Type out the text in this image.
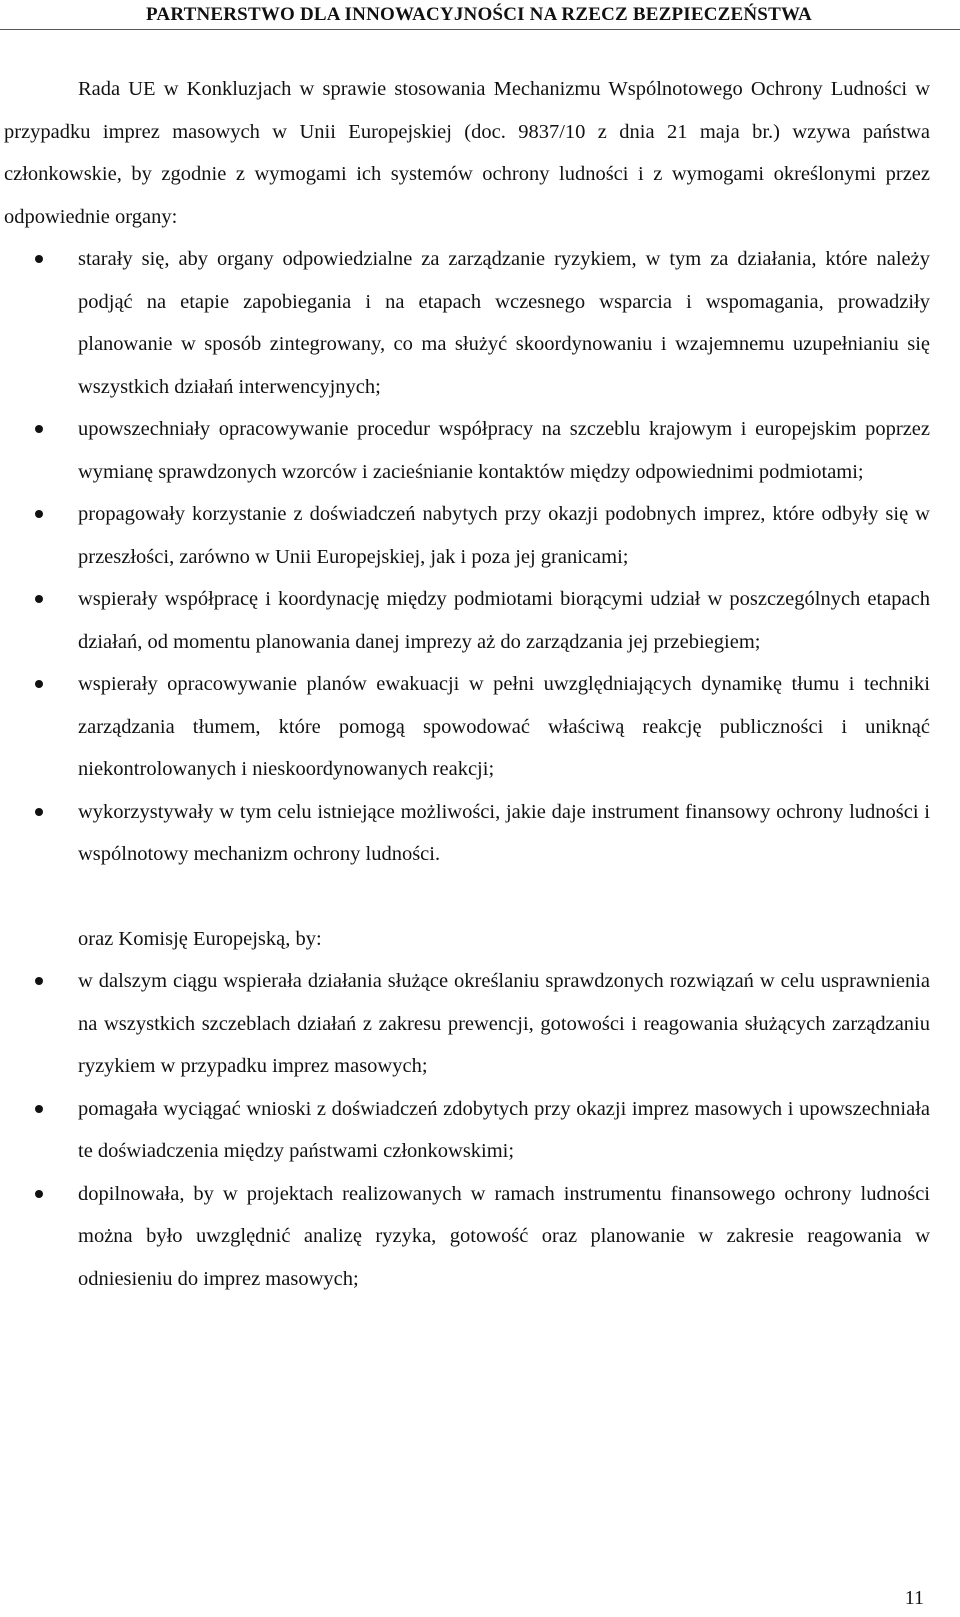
PARTNERSTWO DLA INNOWACYJNOŚCI NA RZECZ BEZPIECZEŃSTWA

Rada UE w Konkluzjach w sprawie stosowania Mechanizmu Wspólnotowego Ochrony Ludności w przypadku imprez masowych w Unii Europejskiej (doc. 9837/10 z dnia 21 maja br.) wzywa państwa członkowskie, by zgodnie z wymogami ich systemów ochrony ludności i z wymogami określonymi przez odpowiednie organy:

starały się, aby organy odpowiedzialne za zarządzanie ryzykiem, w tym za działania, które należy podjąć na etapie zapobiegania i na etapach wczesnego wsparcia i wspomagania, prowadziły planowanie w sposób zintegrowany, co ma służyć skoordynowaniu i wzajemnemu uzupełnianiu się wszystkich działań interwencyjnych;
upowszechniały opracowywanie procedur współpracy na szczeblu krajowym i europejskim poprzez wymianę sprawdzonych wzorców i zacieśnianie kontaktów między odpowiednimi podmiotami;
propagowały korzystanie z doświadczeń nabytych przy okazji podobnych imprez, które odbyły się w przeszłości, zarówno w Unii Europejskiej, jak i poza jej granicami;
wspierały współpracę i koordynację między podmiotami biorącymi udział w poszczególnych etapach działań, od momentu planowania danej imprezy aż do zarządzania jej przebiegiem;
wspierały opracowywanie planów ewakuacji w pełni uwzględniających dynamikę tłumu i techniki zarządzania tłumem, które pomogą spowodować właściwą reakcję publiczności i uniknąć niekontrolowanych i nieskoordynowanych reakcji;
wykorzystywały w tym celu istniejące możliwości, jakie daje instrument finansowy ochrony ludności i wspólnotowy mechanizm ochrony ludności.

oraz Komisję Europejską, by:

w dalszym ciągu wspierała działania służące określaniu sprawdzonych rozwiązań w celu usprawnienia na wszystkich szczeblach działań z zakresu prewencji, gotowości i reagowania służących zarządzaniu ryzykiem w przypadku imprez masowych;
pomagała wyciągać wnioski z doświadczeń zdobytych przy okazji imprez masowych i upowszechniała te doświadczenia między państwami członkowskimi;
dopilnowała, by w projektach realizowanych w ramach instrumentu finansowego ochrony ludności można było uwzględnić analizę ryzyka, gotowość oraz planowanie w zakresie reagowania w odniesieniu do imprez masowych;
11
